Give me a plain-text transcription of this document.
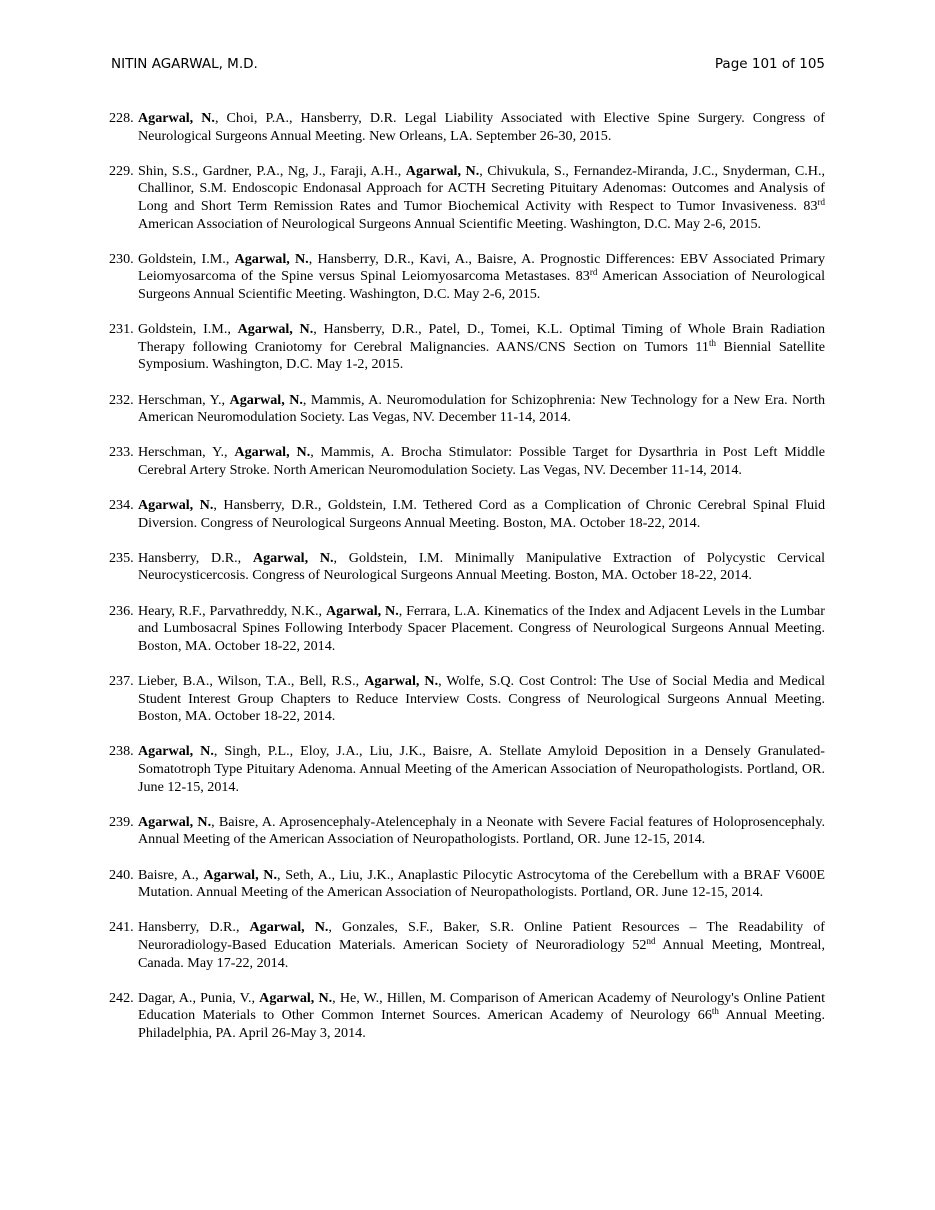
NITIN AGARWAL, M.D.	Page 101 of 105
228. Agarwal, N., Choi, P.A., Hansberry, D.R. Legal Liability Associated with Elective Spine Surgery. Congress of Neurological Surgeons Annual Meeting. New Orleans, LA. September 26-30, 2015.
229. Shin, S.S., Gardner, P.A., Ng, J., Faraji, A.H., Agarwal, N., Chivukula, S., Fernandez-Miranda, J.C., Snyderman, C.H., Challinor, S.M. Endoscopic Endonasal Approach for ACTH Secreting Pituitary Adenomas: Outcomes and Analysis of Long and Short Term Remission Rates and Tumor Biochemical Activity with Respect to Tumor Invasiveness. 83rd American Association of Neurological Surgeons Annual Scientific Meeting. Washington, D.C. May 2-6, 2015.
230. Goldstein, I.M., Agarwal, N., Hansberry, D.R., Kavi, A., Baisre, A. Prognostic Differences: EBV Associated Primary Leiomyosarcoma of the Spine versus Spinal Leiomyosarcoma Metastases. 83rd American Association of Neurological Surgeons Annual Scientific Meeting. Washington, D.C. May 2-6, 2015.
231. Goldstein, I.M., Agarwal, N., Hansberry, D.R., Patel, D., Tomei, K.L. Optimal Timing of Whole Brain Radiation Therapy following Craniotomy for Cerebral Malignancies. AANS/CNS Section on Tumors 11th Biennial Satellite Symposium. Washington, D.C. May 1-2, 2015.
232. Herschman, Y., Agarwal, N., Mammis, A. Neuromodulation for Schizophrenia: New Technology for a New Era. North American Neuromodulation Society. Las Vegas, NV. December 11-14, 2014.
233. Herschman, Y., Agarwal, N., Mammis, A. Brocha Stimulator: Possible Target for Dysarthria in Post Left Middle Cerebral Artery Stroke. North American Neuromodulation Society. Las Vegas, NV. December 11-14, 2014.
234. Agarwal, N., Hansberry, D.R., Goldstein, I.M. Tethered Cord as a Complication of Chronic Cerebral Spinal Fluid Diversion. Congress of Neurological Surgeons Annual Meeting. Boston, MA. October 18-22, 2014.
235. Hansberry, D.R., Agarwal, N., Goldstein, I.M. Minimally Manipulative Extraction of Polycystic Cervical Neurocysticercosis. Congress of Neurological Surgeons Annual Meeting. Boston, MA. October 18-22, 2014.
236. Heary, R.F., Parvathreddy, N.K., Agarwal, N., Ferrara, L.A. Kinematics of the Index and Adjacent Levels in the Lumbar and Lumbosacral Spines Following Interbody Spacer Placement. Congress of Neurological Surgeons Annual Meeting. Boston, MA. October 18-22, 2014.
237. Lieber, B.A., Wilson, T.A., Bell, R.S., Agarwal, N., Wolfe, S.Q. Cost Control: The Use of Social Media and Medical Student Interest Group Chapters to Reduce Interview Costs. Congress of Neurological Surgeons Annual Meeting. Boston, MA. October 18-22, 2014.
238. Agarwal, N., Singh, P.L., Eloy, J.A., Liu, J.K., Baisre, A. Stellate Amyloid Deposition in a Densely Granulated-Somatotroph Type Pituitary Adenoma. Annual Meeting of the American Association of Neuropathologists. Portland, OR. June 12-15, 2014.
239. Agarwal, N., Baisre, A. Aprosencephaly-Atelencephaly in a Neonate with Severe Facial features of Holoprosencephaly. Annual Meeting of the American Association of Neuropathologists. Portland, OR. June 12-15, 2014.
240. Baisre, A., Agarwal, N., Seth, A., Liu, J.K., Anaplastic Pilocytic Astrocytoma of the Cerebellum with a BRAF V600E Mutation. Annual Meeting of the American Association of Neuropathologists. Portland, OR. June 12-15, 2014.
241. Hansberry, D.R., Agarwal, N., Gonzales, S.F., Baker, S.R. Online Patient Resources – The Readability of Neuroradiology-Based Education Materials. American Society of Neuroradiology 52nd Annual Meeting, Montreal, Canada. May 17-22, 2014.
242. Dagar, A., Punia, V., Agarwal, N., He, W., Hillen, M. Comparison of American Academy of Neurology's Online Patient Education Materials to Other Common Internet Sources. American Academy of Neurology 66th Annual Meeting. Philadelphia, PA. April 26-May 3, 2014.
